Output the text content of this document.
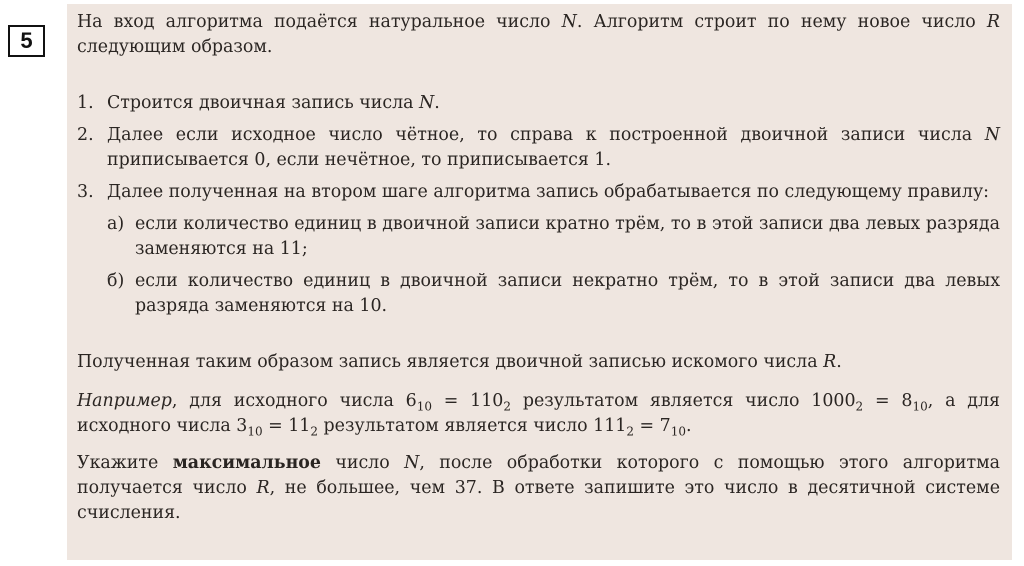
5

На вход алгоритма подаётся натуральное число N. Алгоритм строит по нему новое число R следующим образом.

1. Строится двоичная запись числа N.
2. Далее если исходное число чётное, то справа к построенной двоичной записи числа N приписывается 0, если нечётное, то приписывается 1.
3. Далее полученная на втором шаге алгоритма запись обрабатывается по следующему правилу:
а) если количество единиц в двоичной записи кратно трём, то в этой записи два левых разряда заменяются на 11;
б) если количество единиц в двоичной записи некратно трём, то в этой записи два левых разряда заменяются на 10.

Полученная таким образом запись является двоичной записью искомого числа R.

Например, для исходного числа $6_{10} = 110_2$ результатом является число $1000_2 = 8_{10}$, а для исходного числа $3_{10} = 11_2$ результатом является число $111_2 = 7_{10}$.

Укажите максимальное число N, после обработки которого с помощью этого алгоритма получается число R, не большее, чем 37. В ответе запишите это число в десятичной системе счисления.
